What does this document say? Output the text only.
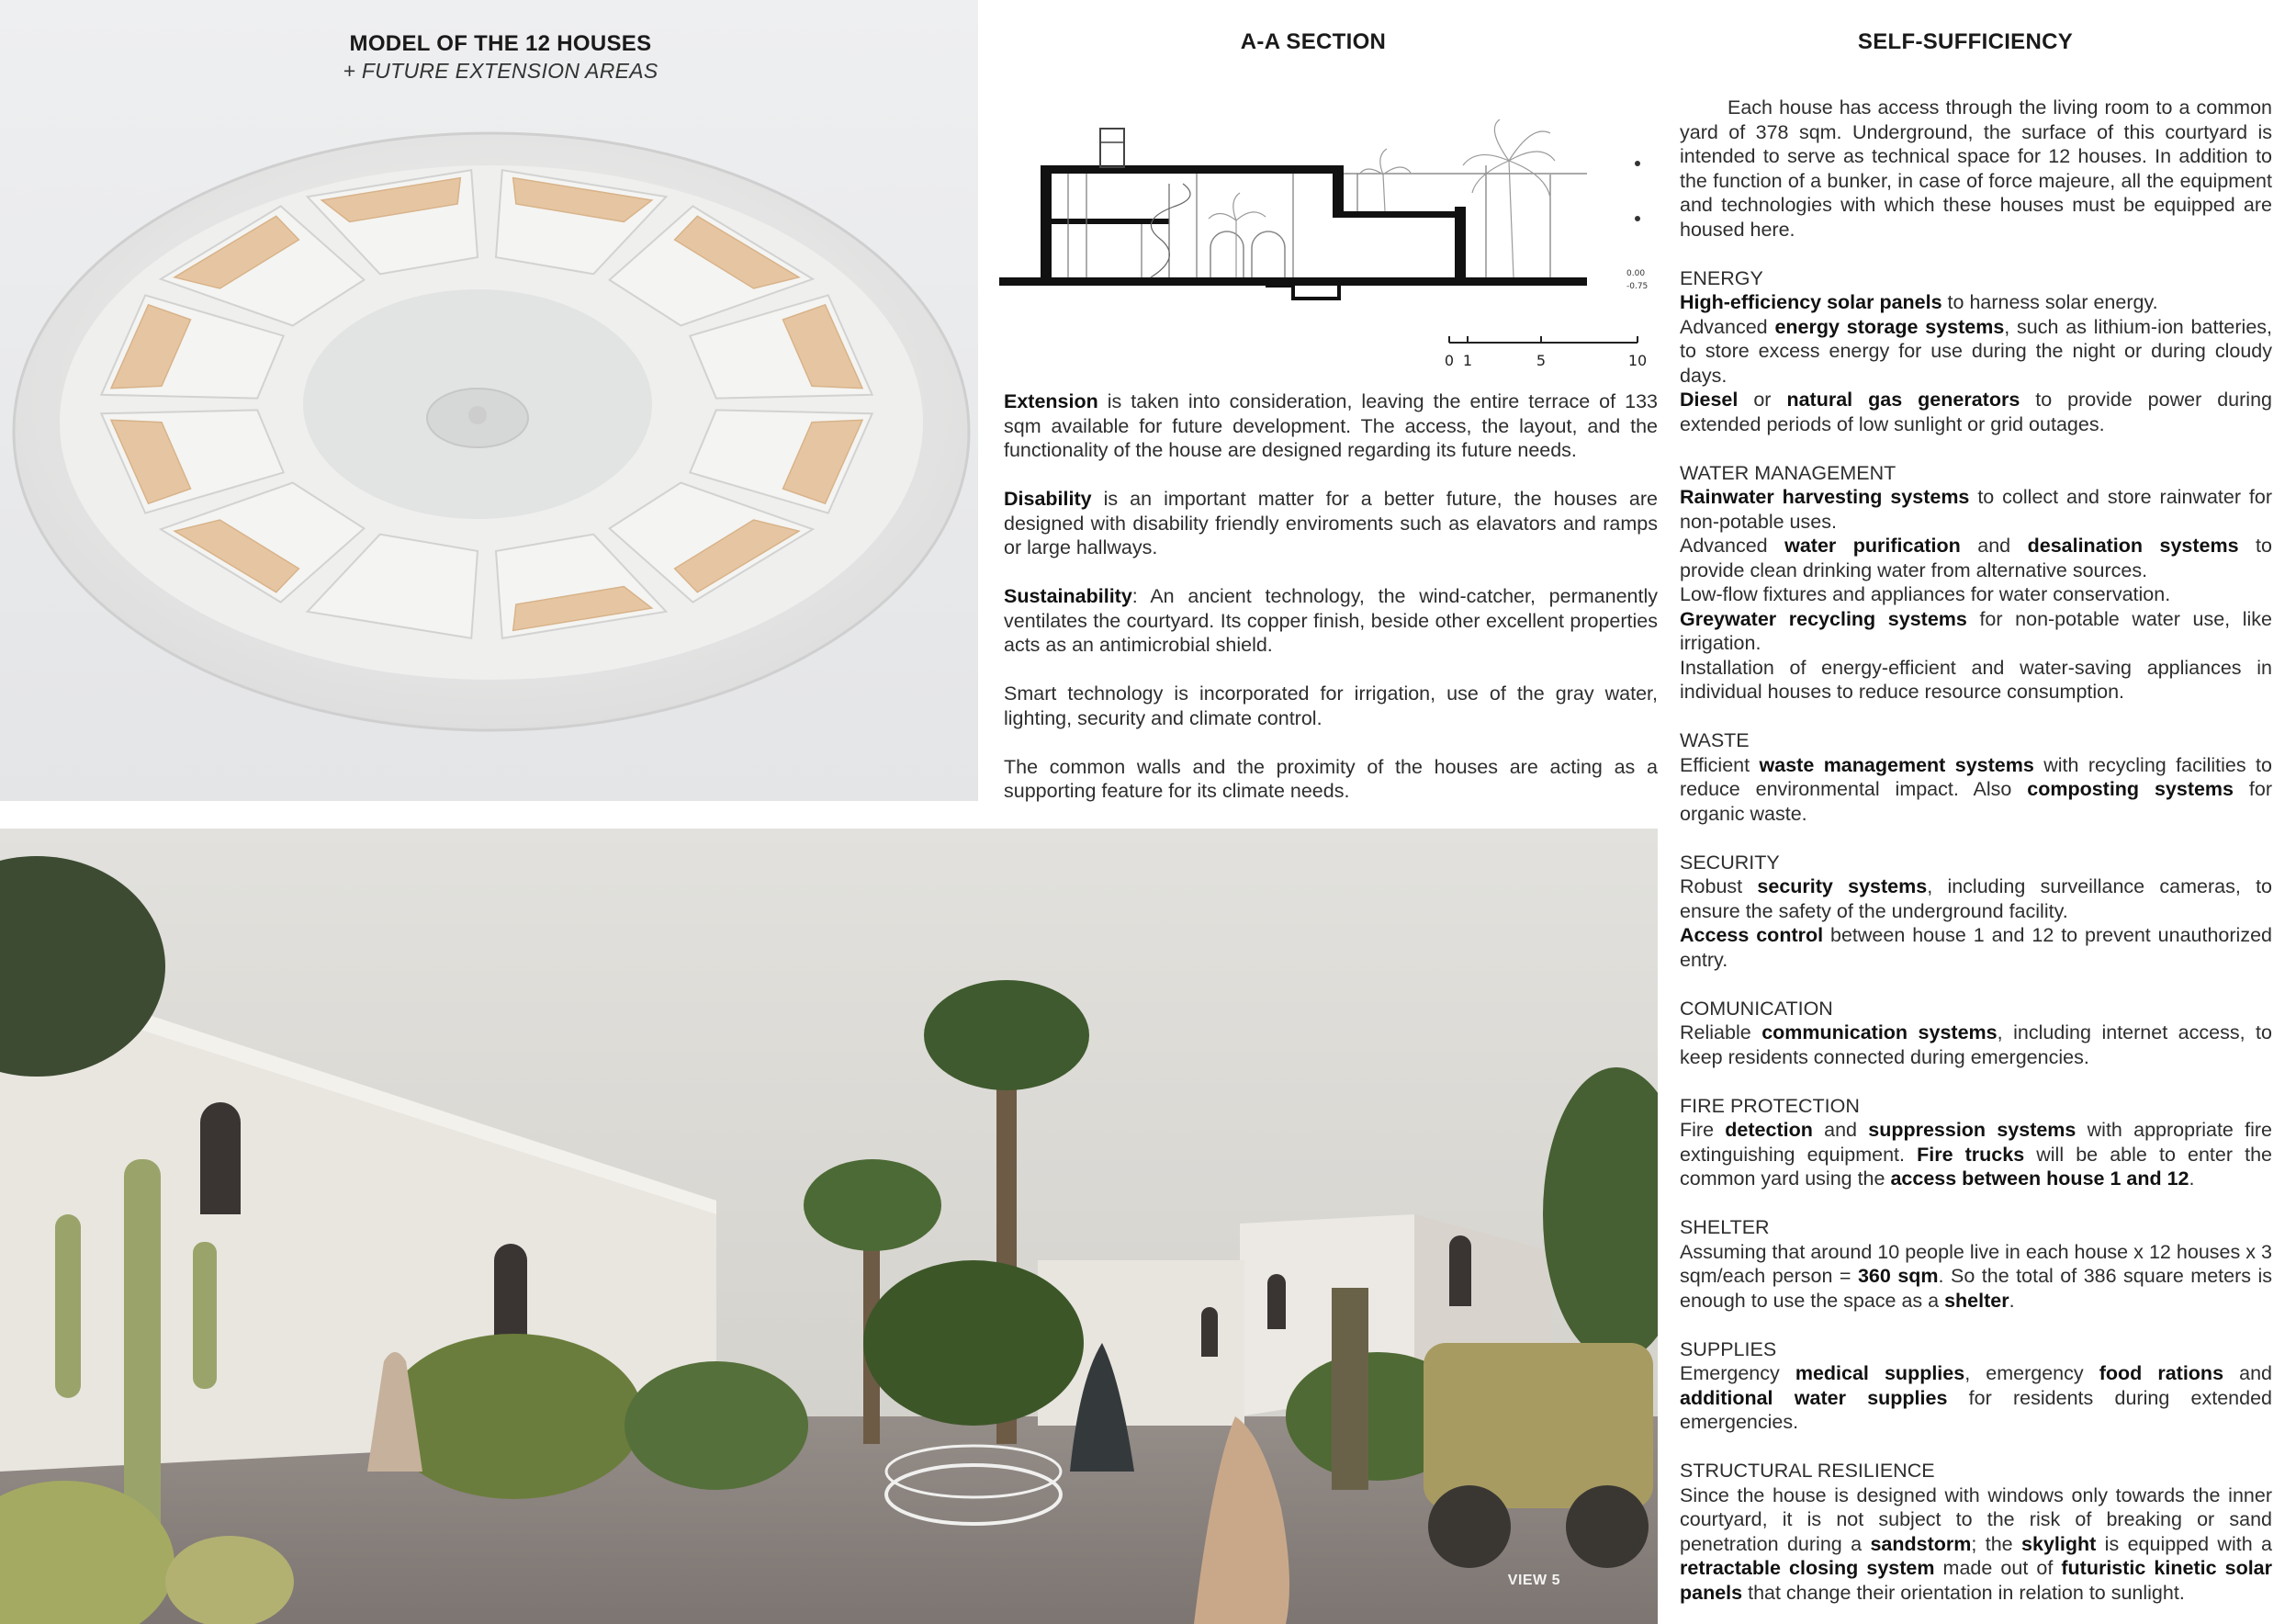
MODEL OF THE 12 HOUSES
+ FUTURE EXTENSION AREAS
A-A SECTION
0.00
-0.75
0 1	5	10

Extension is taken into consideration, leaving the entire terrace of 133 sqm available for future development. The access, the layout, and the functionality of the house are designed regarding its future needs.

Disability is an important matter for a better future, the houses are designed with disability friendly enviroments such as elavators and ramps or large hallways.

Sustainability: An ancient technology, the wind-catcher, permanently ventilates the courtyard. Its copper finish, beside other excellent properties acts as an antimicrobial shield.

Smart technology is incorporated for irrigation, use of the gray water, lighting, security and climate control.

The common walls and the proximity of the houses are acting as a supporting feature for its climate needs.

SELF-SUFFICIENCY

Each house has access through the living room to a common yard of 378 sqm. Underground, the surface of this courtyard is intended to serve as technical space for 12 houses. In addition to the function of a bunker, in case of force majeure, all the equipment and technologies with which these houses must be equipped are housed here.

ENERGY

High-efficiency solar panels to harness solar energy.

Advanced energy storage systems, such as lithium-ion batteries, to store excess energy for use during the night or during cloudy days.

Diesel or natural gas generators to provide power during extended periods of low sunlight or grid outages.

WATER MANAGEMENT

Rainwater harvesting systems to collect and store rainwater for non-potable uses.

Advanced water purification and desalination systems to provide clean drinking water from alternative sources.

Low-flow fixtures and appliances for water conservation.

Greywater recycling systems for non-potable water use, like irrigation.

Installation of energy-efficient and water-saving appliances in individual houses to reduce resource consumption.

WASTE

Efficient waste management systems with recycling facilities to reduce environmental impact. Also composting systems for organic waste.

SECURITY

Robust security systems, including surveillance cameras, to ensure the safety of the underground facility.

Access control between house 1 and 12 to prevent unauthorized entry.

COMUNICATION

Reliable communication systems, including internet access, to keep residents connected during emergencies.

FIRE PROTECTION

Fire detection and suppression systems with appropriate fire extinguishing equipment. Fire trucks will be able to enter the common yard using the access between house 1 and 12.

SHELTER

Assuming that around 10 people live in each house x 12 houses x 3 sqm/each person = 360 sqm. So the total of 386 square meters is enough to use the space as a shelter.

SUPPLIES

Emergency medical supplies, emergency food rations and additional water supplies for residents during extended emergencies.

STRUCTURAL RESILIENCE

Since the house is designed with windows only towards the inner courtyard, it is not subject to the risk of breaking or sand penetration during a sandstorm; the skylight is equipped with a retractable closing system made out of futuristic kinetic solar panels that change their orientation in relation to sunlight.

VIEW 5
